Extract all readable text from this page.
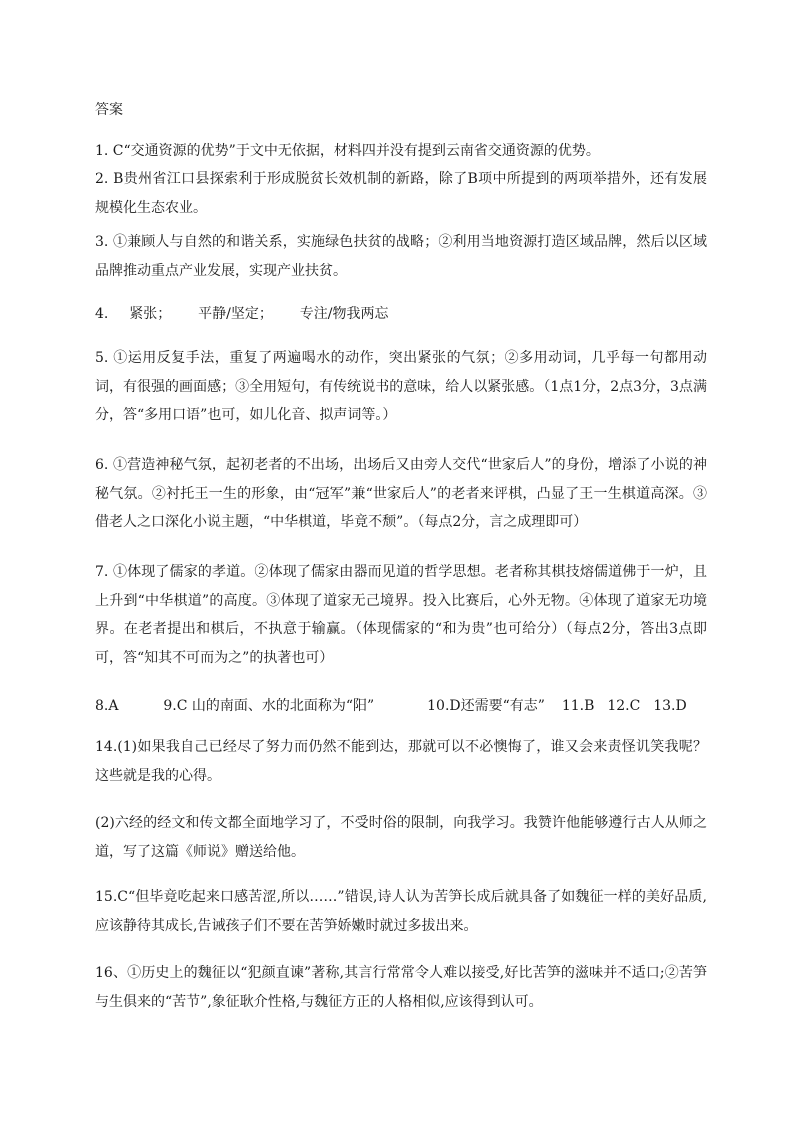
答案
1. C“交通资源的优势”于文中无依据，材料四并没有提到云南省交通资源的优势。
2. B贵州省江口县探索利于形成脱贫长效机制的新路，除了B项中所提到的两项举措外，还有发展规模化生态农业。
3. ①兼顾人与自然的和谐关系，实施绿色扶贫的战略；②利用当地资源打造区域品牌，然后以区域品牌推动重点产业发展，实现产业扶贫。
4. 紧张； 平静/坚定； 专注/物我两忘
5. ①运用反复手法，重复了两遍喝水的动作，突出紧张的气氛；②多用动词，几乎每一句都用动词，有很强的画面感；③全用短句，有传统说书的意味，给人以紧张感。（1点1分，2点3分，3点满分，答“多用口语”也可，如儿化音、拟声词等。）
6. ①营造神秘气氛，起初老者的不出场，出场后又由旁人交代“世家后人”的身份，增添了小说的神秘气氛。②衬托王一生的形象，由“冠军”兼“世家后人”的老者来评棋，凸显了王一生棋道高深。③借老人之口深化小说主题，“中华棋道，毕竟不颓”。（每点2分，言之成理即可）
7. ①体现了儒家的孝道。②体现了儒家由器而见道的哲学思想。老者称其棋技熔儒道佛于一炉，且上升到“中华棋道”的高度。③体现了道家无己境界。投入比赛后，心外无物。④体现了道家无功境界。在老者提出和棋后，不执意于输赢。（体现儒家的“和为贵”也可给分）（每点2分，答出3点即可，答“知其不可而为之”的执著也可）
8.A	9.C 山的南面、水的北面称为“阳”	10.D还需要“有志” 11.B 12.C 13.D
14.(1)如果我自己已经尽了努力而仍然不能到达，那就可以不必懊悔了，谁又会来责怪讥笑我呢？这些就是我的心得。
(2)六经的经文和传文都全面地学习了，不受时俗的限制，向我学习。我赞许他能够遵行古人从师之道，写了这篇《师说》赠送给他。
15.C“但毕竟吃起来口感苦涩,所以……”错误,诗人认为苦笋长成后就具备了如魏征一样的美好品质,应该静待其成长,告诫孩子们不要在苦笋娇嫩时就过多拔出来。
16、①历史上的魏征以“犯颜直谏”著称,其言行常常令人难以接受,好比苦笋的滋味并不适口;②苦笋与生俱来的“苦节”,象征耿介性格,与魏征方正的人格相似,应该得到认可。
